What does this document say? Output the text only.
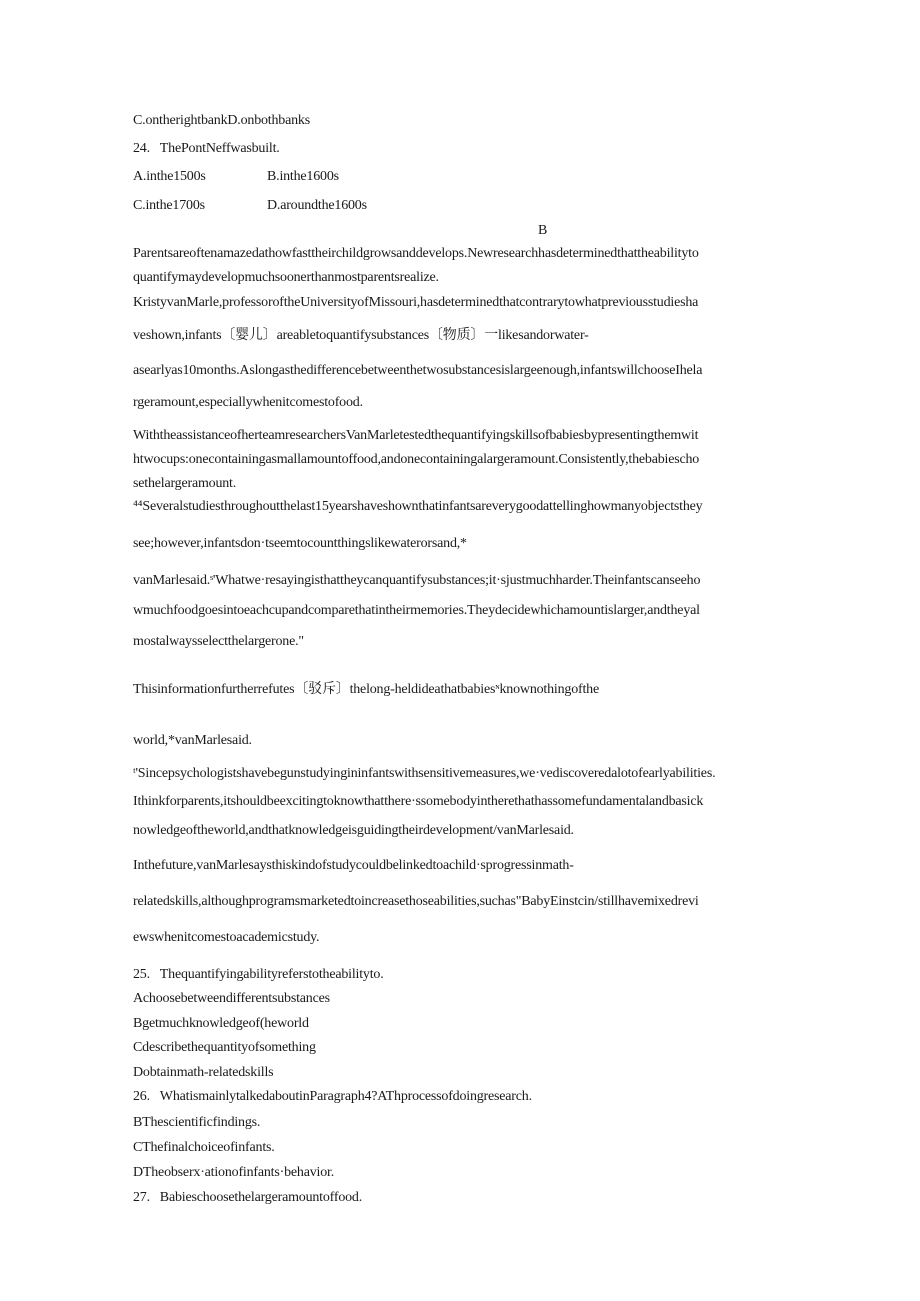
C.ontherightbankD.onbothbanks
24.   ThePontNeffwasbuilt.
A.inthe1500s	B.inthe1600s
C.inthe1700s	D.aroundthe1600s
B
Parentsareoftenamazedathowfasttheirchildgrowsanddevelops.Newresearchhasdeterminedthattheabilityto
quantifymaydevelopmuchsoonerthanmostparentsrealize.
KristyvanMarle,professoroftheUniversityofMissouri,hasdeterminedthatcontrarytowhatpreviousstudiesha
veshown,infants〔婴儿〕areabletoquantifysubstances〔物质〕一likesandorwater-
asearlyas10months.Aslongasthedifferencebetweenthetwosubstancesislargeenough,infantswillchooseIhela
rgeramount,especiallywhenitcomestofood.
WiththeassistanceofherteamresearchersVanMarletestedthequantifyingskillsofbabiesbypresentingthemwit
htwocups:onecontainingasmallamountoffood,andonecontainingalargeramount.Consistently,thebabiescho
sethelargeramount.
⁴⁴Severalstudiesthroughoutthelast15yearshaveshownthatinfantsareverygoodattellinghowmanyobjectsthey
see;however,infantsdon·tseemtocountthingslikewaterorsand,*
vanMarlesaid.ˢ'Whatwe·resayingisthattheycanquantifysubstances;it·sjustmuchharder.Theinfantscanseeho
wmuchfoodgoesintoeachcupandcomparethatintheirmemories.Theydecidewhichamountislarger,andtheyal
mostalwaysselectthelargerone."
Thisinformationfurtherrefutes〔驳斥〕thelong-heldideathatbabiesᶰknownothingofthe
world,*vanMarlesaid.
ᵗ'Sincepsychologistshavebegunstudyingininfantswithsensitivemeasures,we·vediscoveredalotofearlyabilities.
Ithinkforparents,itshouldbeexcitingtoknowthatthere·ssomebodyintherethathassomefundamentalandbasick
nowledgeoftheworld,andthatknowledgeisguidingtheirdevelopment/vanMarlesaid.
Inthefuture,vanMarlesaysthiskindofstudycouldbelinkedtoachild·sprogressinmath-
relatedskills,althoughprogramsmarketedtoincreasethoseabilities,suchas"BabyEinstcin/stillhavemixedrevi
ewswhenitcomestoacademicstudy.
25.   Thequantifyingabilityreferstotheabilityto.
Achoosebetweendifferentsubstances
Bgetmuchknowledgeof(heworld
Cdescribethequantityofsomething
Dobtainmath-relatedskills
26.   WhatismainlytalkedaboutinParagraph4?AThprocessofdoingresearch.
BThescientificfindings.
CThefinalchoiceofinfants.
DTheobserx·ationofinfants·behavior.
27.   Babieschoosethelargeramountoffood.
